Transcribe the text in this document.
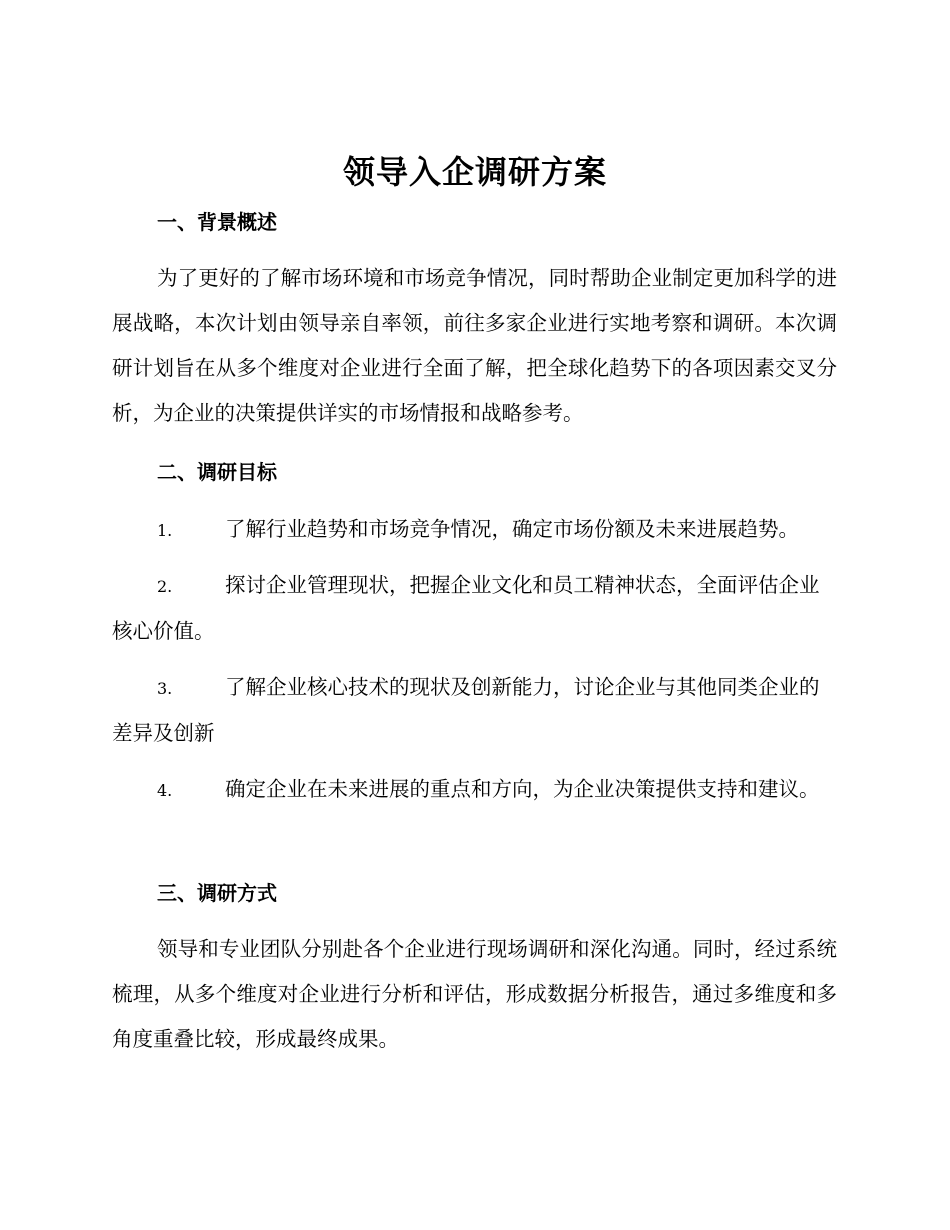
领导入企调研方案
一、背景概述

为了更好的了解市场环境和市场竞争情况，同时帮助企业制定更加科学的进展战略，本次计划由领导亲自率领，前往多家企业进行实地考察和调研。本次调研计划旨在从多个维度对企业进行全面了解，把全球化趋势下的各项因素交叉分析，为企业的决策提供详实的市场情报和战略参考。

二、调研目标

1.	了解行业趋势和市场竞争情况，确定市场份额及未来进展趋势。

2.	探讨企业管理现状，把握企业文化和员工精神状态，全面评估企业核心价值。

3.	了解企业核心技术的现状及创新能力，讨论企业与其他同类企业的差异及创新

4.	确定企业在未来进展的重点和方向，为企业决策提供支持和建议。

三、调研方式

领导和专业团队分别赴各个企业进行现场调研和深化沟通。同时，经过系统梳理，从多个维度对企业进行分析和评估，形成数据分析报告，通过多维度和多角度重叠比较，形成最终成果。
